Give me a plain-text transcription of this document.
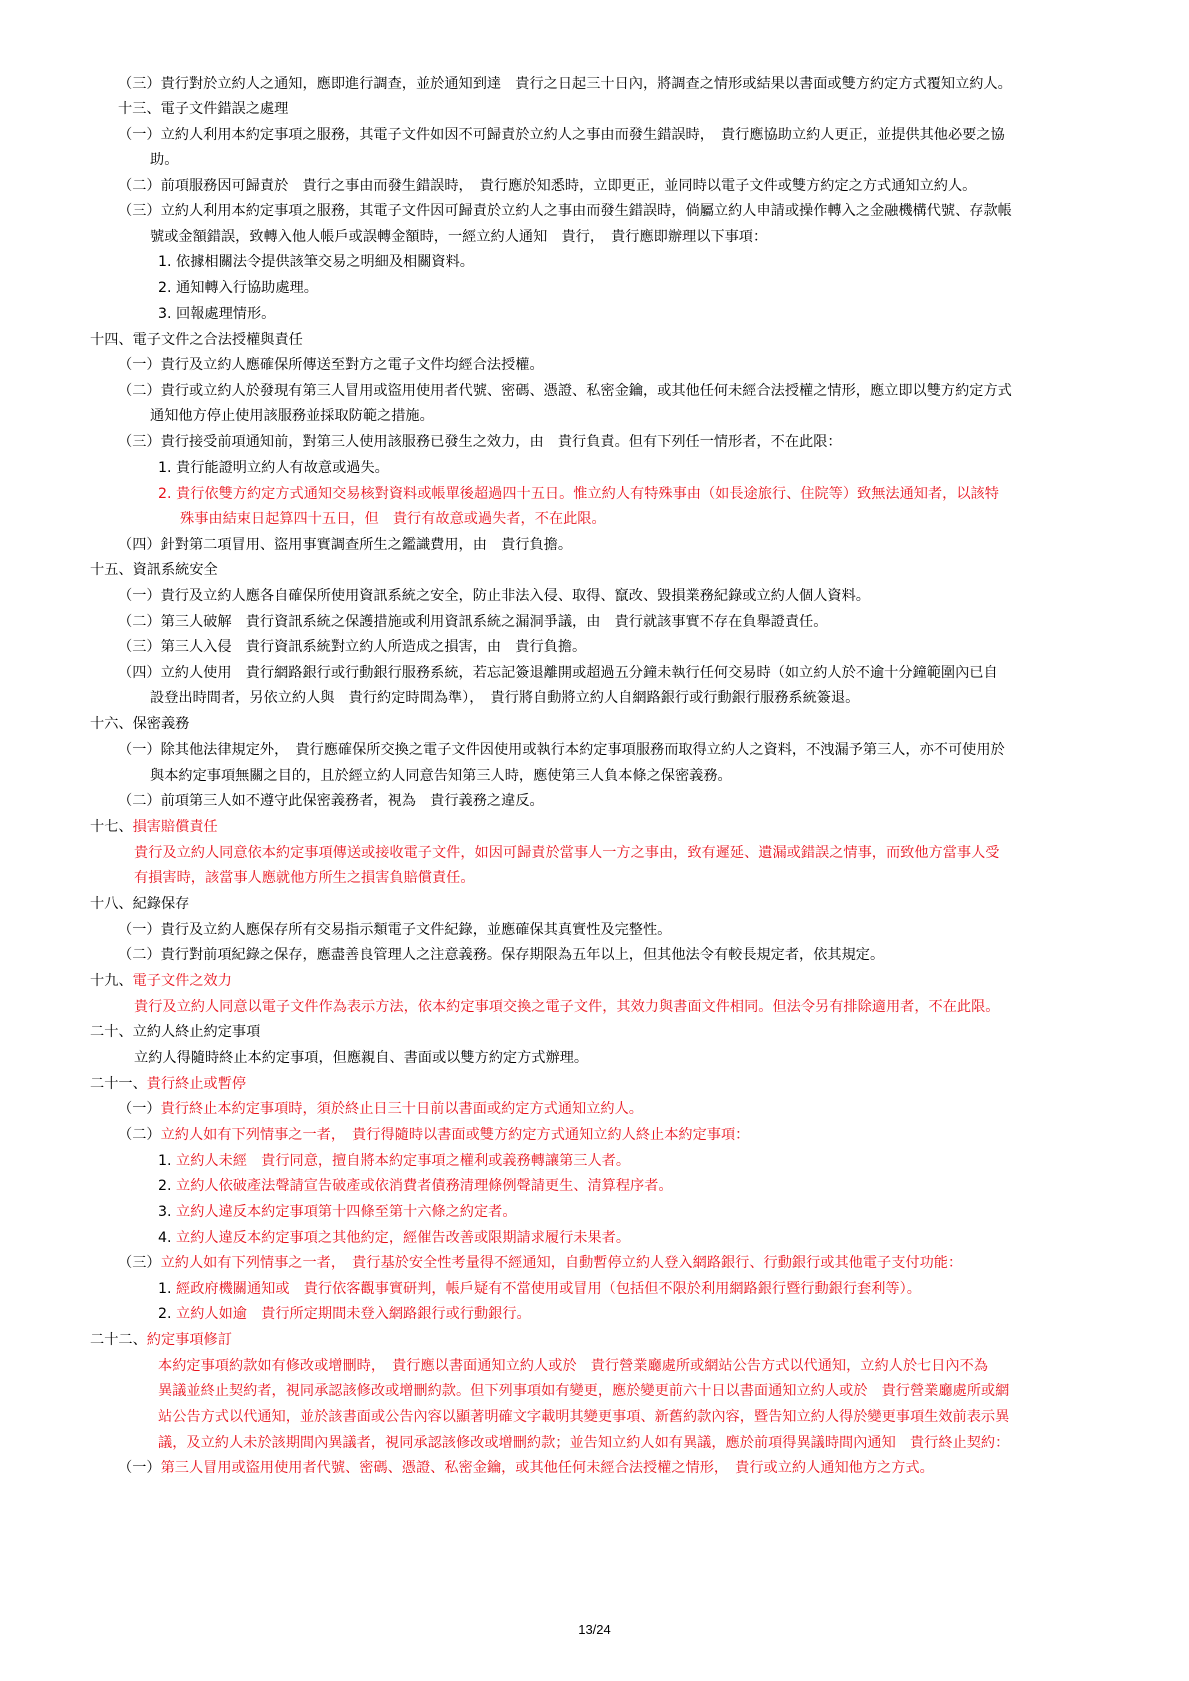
（三）貴行對於立約人之通知，應即進行調查，並於通知到達　貴行之日起三十日內，將調查之情形或結果以書面或雙方約定方式覆知立約人。
十三、電子文件錯誤之處理
（一）立約人利用本約定事項之服務，其電子文件如因不可歸責於立約人之事由而發生錯誤時，　貴行應協助立約人更正，並提供其他必要之協
助。
（二）前項服務因可歸責於　貴行之事由而發生錯誤時，　貴行應於知悉時，立即更正，並同時以電子文件或雙方約定之方式通知立約人。
（三）立約人利用本約定事項之服務，其電子文件因可歸責於立約人之事由而發生錯誤時，倘屬立約人申請或操作轉入之金融機構代號、存款帳
號或金額錯誤，致轉入他人帳戶或誤轉金額時，一經立約人通知　貴行，　貴行應即辦理以下事項：
1. 依據相關法令提供該筆交易之明細及相關資料。
2. 通知轉入行協助處理。
3. 回報處理情形。
十四、電子文件之合法授權與責任
（一）貴行及立約人應確保所傳送至對方之電子文件均經合法授權。
（二）貴行或立約人於發現有第三人冒用或盜用使用者代號、密碼、憑證、私密金鑰，或其他任何未經合法授權之情形，應立即以雙方約定方式
通知他方停止使用該服務並採取防範之措施。
（三）貴行接受前項通知前，對第三人使用該服務已發生之效力，由　貴行負責。但有下列任一情形者，不在此限：
1. 貴行能證明立約人有故意或過失。
2. 貴行依雙方約定方式通知交易核對資料或帳單後超過四十五日。惟立約人有特殊事由（如長途旅行、住院等）致無法通知者，以該特
殊事由結束日起算四十五日，但　貴行有故意或過失者，不在此限。
（四）針對第二項冒用、盜用事實調查所生之鑑識費用，由　貴行負擔。
十五、資訊系統安全
（一）貴行及立約人應各自確保所使用資訊系統之安全，防止非法入侵、取得、竄改、毀損業務紀錄或立約人個人資料。
（二）第三人破解　貴行資訊系統之保護措施或利用資訊系統之漏洞爭議，由　貴行就該事實不存在負舉證責任。
（三）第三人入侵　貴行資訊系統對立約人所造成之損害，由　貴行負擔。
（四）立約人使用　貴行網路銀行或行動銀行服務系統，若忘記簽退離開或超過五分鐘未執行任何交易時（如立約人於不逾十分鐘範圍內已自
設登出時間者，另依立約人與　貴行約定時間為準），　貴行將自動將立約人自網路銀行或行動銀行服務系統簽退。
十六、保密義務
（一）除其他法律規定外，　貴行應確保所交換之電子文件因使用或執行本約定事項服務而取得立約人之資料，不洩漏予第三人，亦不可使用於
與本約定事項無關之目的，且於經立約人同意告知第三人時，應使第三人負本條之保密義務。
（二）前項第三人如不遵守此保密義務者，視為　貴行義務之違反。
十七、損害賠償責任
貴行及立約人同意依本約定事項傳送或接收電子文件，如因可歸責於當事人一方之事由，致有遲延、遺漏或錯誤之情事，而致他方當事人受
有損害時，該當事人應就他方所生之損害負賠償責任。
十八、紀錄保存
（一）貴行及立約人應保存所有交易指示類電子文件紀錄，並應確保其真實性及完整性。
（二）貴行對前項紀錄之保存，應盡善良管理人之注意義務。保存期限為五年以上，但其他法令有較長規定者，依其規定。
十九、電子文件之效力
貴行及立約人同意以電子文件作為表示方法，依本約定事項交換之電子文件，其效力與書面文件相同。但法令另有排除適用者，不在此限。
二十、立約人終止約定事項
立約人得隨時終止本約定事項，但應親自、書面或以雙方約定方式辦理。
二十一、貴行終止或暫停
（一）貴行終止本約定事項時，須於終止日三十日前以書面或約定方式通知立約人。
（二）立約人如有下列情事之一者，　貴行得隨時以書面或雙方約定方式通知立約人終止本約定事項：
1. 立約人未經　貴行同意，擅自將本約定事項之權利或義務轉讓第三人者。
2. 立約人依破產法聲請宣告破產或依消費者債務清理條例聲請更生、清算程序者。
3. 立約人違反本約定事項第十四條至第十六條之約定者。
4. 立約人違反本約定事項之其他約定，經催告改善或限期請求履行未果者。
（三）立約人如有下列情事之一者，　貴行基於安全性考量得不經通知，自動暫停立約人登入網路銀行、行動銀行或其他電子支付功能：
1. 經政府機關通知或　貴行依客觀事實研判，帳戶疑有不當使用或冒用（包括但不限於利用網路銀行暨行動銀行套利等）。
2. 立約人如逾　貴行所定期間未登入網路銀行或行動銀行。
二十二、約定事項修訂
本約定事項約款如有修改或增刪時，　貴行應以書面通知立約人或於　貴行營業廳處所或網站公告方式以代通知，立約人於七日內不為
異議並終止契約者，視同承認該修改或增刪約款。但下列事項如有變更，應於變更前六十日以書面通知立約人或於　貴行營業廳處所或網
站公告方式以代通知，並於該書面或公告內容以顯著明確文字載明其變更事項、新舊約款內容，暨告知立約人得於變更事項生效前表示異
議，及立約人未於該期間內異議者，視同承認該修改或增刪約款；並告知立約人如有異議，應於前項得異議時間內通知　貴行終止契約：
（一）第三人冒用或盜用使用者代號、密碼、憑證、私密金鑰，或其他任何未經合法授權之情形，　貴行或立約人通知他方之方式。
13/24
